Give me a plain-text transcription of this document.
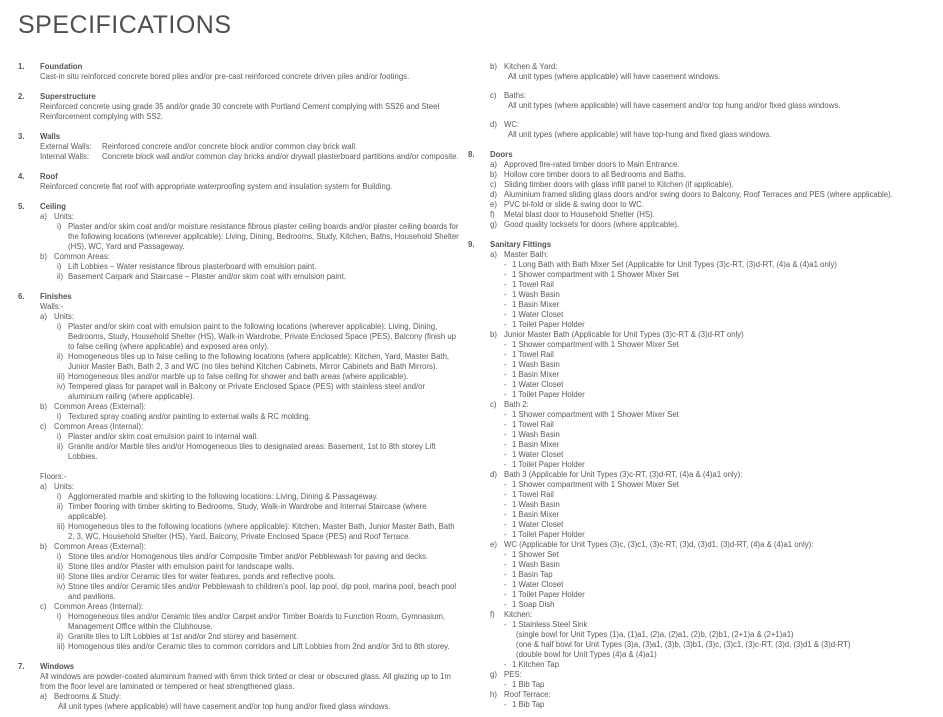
SPECIFICATIONS
1.	Foundation
Cast-in situ reinforced concrete bored piles and/or pre-cast reinforced concrete driven piles and/or footings.
2.	Superstructure
Reinforced concrete using grade 35 and/or grade 30 concrete with Portland Cement complying with SS26 and Steel Reinforcement complying with SS2.
3.	Walls
External Walls:	Reinforced concrete and/or concrete block and/or common clay brick wall.
Internal Walls:	Concrete block wall and/or common clay bricks and/or drywall plasterboard partitions and/or composite.
4.	Roof
Reinforced concrete flat roof with appropriate waterproofing system and insulation system for Building.
5.	Ceiling
a) Units:
i) Plaster and/or skim coat and/or moisture resistance fibrous plaster ceiling boards and/or plaster ceiling boards for the following locations (wherever applicable): Living, Dining, Bedrooms, Study, Kitchen, Baths, Household Shelter (HS), WC, Yard and Passageway.
b) Common Areas:
i) Lift Lobbies – Water resistance fibrous plasterboard with emulsion paint.
ii) Basement Carpark and Staircase – Plaster and/or skim coat with emulsion paint.
6.	Finishes
Walls:-
a) Units:
i) Plaster and/or skim coat with emulsion paint to the following locations (wherever applicable): Living, Dining, Bedrooms, Study, Household Shelter (HS), Walk-in Wardrobe, Private Enclosed Space (PES), Balcony (finish up to false ceiling (where applicable) and exposed area only).
ii) Homogeneous tiles up to false ceiling to the following locations (where applicable): Kitchen, Yard, Master Bath, Junior Master Bath, Bath 2, 3 and WC (no tiles behind Kitchen Cabinets, Mirror Cabinets and Bath Mirrors).
iii) Homogeneous tiles and/or marble up to false ceiling for shower and bath areas (where applicable).
iv) Tempered glass for parapet wall in Balcony or Private Enclosed Space (PES) with stainless steel and/or aluminium railing (where applicable).
b) Common Areas (External):
i) Textured spray coating and/or painting to external walls & RC molding.
c) Common Areas (Internal):
i) Plaster and/or skim coat emulsion paint to internal wall.
ii) Granite and/or Marble tiles and/or Homogeneous tiles to designated areas: Basement, 1st to 8th storey Lift Lobbies.
Floors:-
a) Units:
i) Agglomerated marble and skirting to the following locations: Living, Dining & Passageway.
ii) Timber flooring with timber skirting to Bedrooms, Study, Walk-in Wardrobe and Internal Staircase (where applicable).
iii) Homogeneous tiles to the following locations (where applicable): Kitchen, Master Bath, Junior Master Bath, Bath 2, 3, WC, Household Shelter (HS), Yard, Balcony, Private Enclosed Space (PES) and Roof Terrace.
b) Common Areas (External):
i) Stone tiles and/or Homogenous tiles and/or Composite Timber and/or Pebblewash for paving and decks.
ii) Stone tiles and/or Plaster with emulsion paint for landscape walls.
iii) Stone tiles and/or Ceramic tiles for water features, ponds and reflective pools.
iv) Stone tiles and/or Ceramic tiles and/or Pebblewash to children's pool, lap pool, dip pool, marina pool, beach pool and pavilions.
c) Common Areas (Internal):
i) Homogeneous tiles and/or Ceramic tiles and/or Carpet and/or Timber Boards to Function Room, Gymnasium, Management Office within the Clubhouse.
ii) Granite tiles to Lift Lobbies at 1st and/or 2nd storey and basement.
iii) Homogenous tiles and/or Ceramic tiles to common corridors and Lift Lobbies from 2nd and/or 3rd to 8th storey.
7.	Windows
All windows are powder-coated aluminium framed with 6mm thick tinted or clear or obscured glass. All glazing up to 1m from the floor level are laminated or tempered or heat strengthened glass.
a) Bedrooms & Study:
All unit types (where applicable) will have casement and/or top hung and/or fixed glass windows.
b) Kitchen & Yard:
All unit types (where applicable) will have casement windows.
c) Baths:
All unit types (where applicable) will have casement and/or top hung and/or fixed glass windows.
d) WC:
All unit types (where applicable) will have top-hung and fixed glass windows.
8.	Doors
a) Approved fire-rated timber doors to Main Entrance.
b) Hollow core timber doors to all Bedrooms and Baths.
c) Sliding timber doors with glass infill panel to Kitchen (if applicable).
d) Aluminium framed sliding glass doors and/or swing doors to Balcony, Roof Terraces and PES (where applicable).
e) PVC bi-fold or slide & swing door to WC.
f)	Metal blast door to Household Shelter (HS).
g) Good quality locksets for doors (where applicable).
9.	Sanitary Fittings
a) Master Bath:
- 1 Long Bath with Bath Mixer Set (Applicable for Unit Types (3)c-RT, (3)d-RT, (4)a & (4)a1 only)
- 1 Shower compartment with 1 Shower Mixer Set
- 1 Towel Rail
- 1 Wash Basin
- 1 Basin Mixer
- 1 Water Closet
- 1 Toilet Paper Holder
b) Junior Master Bath (Applicable for Unit Types (3)c-RT & (3)d-RT only)
- 1 Shower compartment with 1 Shower Mixer Set
- 1 Towel Rail
- 1 Wash Basin
- 1 Basin Mixer
- 1 Water Closet
- 1 Toilet Paper Holder
c) Bath 2:
- 1 Shower compartment with 1 Shower Mixer Set
- 1 Towel Rail
- 1 Wash Basin
- 1 Basin Mixer
- 1 Water Closet
- 1 Toilet Paper Holder
d) Bath 3 (Applicable for Unit Types (3)c-RT, (3)d-RT, (4)a & (4)a1 only):
- 1 Shower compartment with 1 Shower Mixer Set
- 1 Towel Rail
- 1 Wash Basin
- 1 Basin Mixer
- 1 Water Closet
- 1 Toilet Paper Holder
e) WC (Applicable for Unit Types (3)c, (3)c1, (3)c-RT, (3)d, (3)d1, (3)d-RT, (4)a & (4)a1 only):
- 1 Shower Set
- 1 Wash Basin
- 1 Basin Tap
- 1 Water Closet
- 1 Toilet Paper Holder
- 1 Soap Dish
f)	Kitchen:
- 1 Stainless Steel Sink
(single bowl for Unit Types (1)a, (1)a1, (2)a, (2)a1, (2)b, (2)b1, (2+1)a & (2+1)a1)
(one & half bowl for Unit Types (3)a, (3)a1, (3)b, (3)b1, (3)c, (3)c1, (3)c-RT, (3)d, (3)d1 & (3)d-RT)
(double bowl for Unit Types (4)a & (4)a1)
- 1 Kitchen Tap
g) PES:
- 1 Bib Tap
h) Roof Terrace:
- 1 Bib Tap
